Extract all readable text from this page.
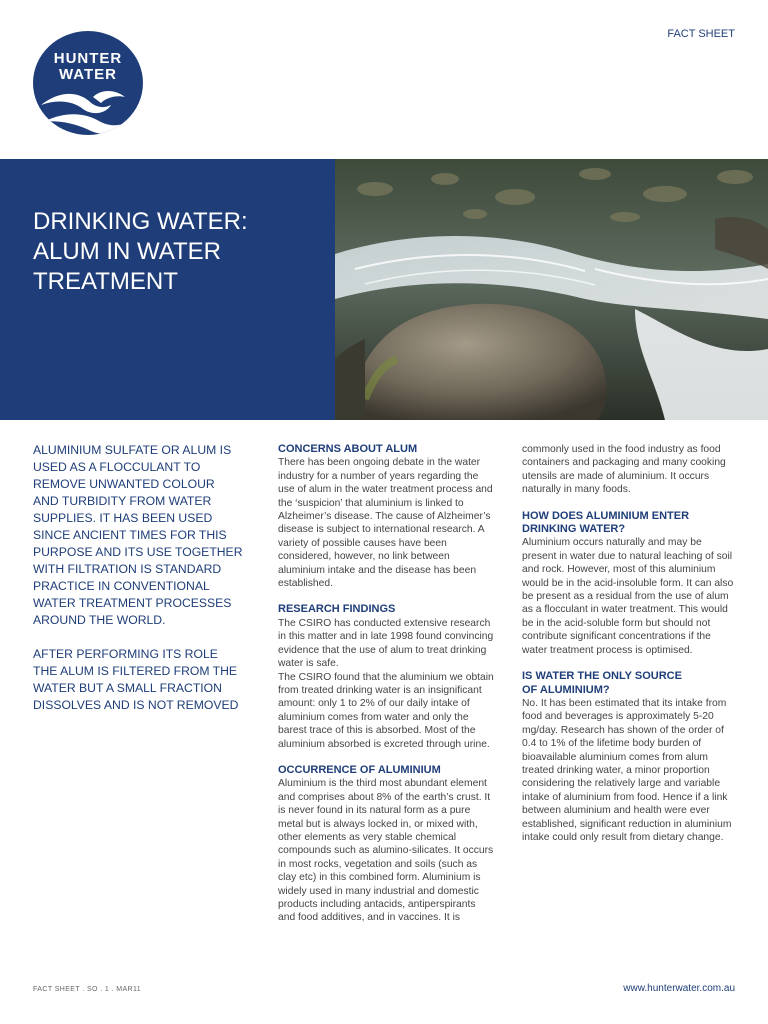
HUNTER
WATER
FACT SHEET
DRINKING WATER:
ALUM IN WATER
TREATMENT

ALUMINIUM SULFATE OR ALUM IS USED AS A FLOCCULANT TO REMOVE UNWANTED COLOUR AND TURBIDITY FROM WATER SUPPLIES. IT HAS BEEN USED SINCE ANCIENT TIMES FOR THIS PURPOSE AND ITS USE TOGETHER WITH FILTRATION IS STANDARD PRACTICE IN CONVENTIONAL WATER TREATMENT PROCESSES AROUND THE WORLD.

AFTER PERFORMING ITS ROLE THE ALUM IS FILTERED FROM THE WATER BUT A SMALL FRACTION DISSOLVES AND IS NOT REMOVED

CONCERNS ABOUT ALUM

There has been ongoing debate in the water industry for a number of years regarding the use of alum in the water treatment process and the ‘suspicion’ that aluminium is linked to Alzheimer’s disease. The cause of Alzheimer’s disease is subject to international research. A variety of possible causes have been considered, however, no link between aluminium intake and the disease has been established.

RESEARCH FINDINGS

The CSIRO has conducted extensive research in this matter and in late 1998 found convincing evidence that the use of alum to treat drinking water is safe.

The CSIRO found that the aluminium we obtain from treated drinking water is an insignificant amount: only 1 to 2% of our daily intake of aluminium comes from water and only the barest trace of this is absorbed. Most of the aluminium absorbed is excreted through urine.

OCCURRENCE OF ALUMINIUM

Aluminium is the third most abundant element and comprises about 8% of the earth’s crust. It is never found in its natural form as a pure metal but is always locked in, or mixed with, other elements as very stable chemical compounds such as alumino-silicates. It occurs in most rocks, vegetation and soils (such as clay etc) in this combined form. Aluminium is widely used in many industrial and domestic products including antacids, antiperspirants and food additives, and in vaccines. It is

commonly used in the food industry as food containers and packaging and many cooking utensils are made of aluminium. It occurs naturally in many foods.

HOW DOES ALUMINIUM ENTER
DRINKING WATER?

Aluminium occurs naturally and may be present in water due to natural leaching of soil and rock. However, most of this aluminium would be in the acid-insoluble form. It can also be present as a residual from the use of alum as a flocculant in water treatment. This would be in the acid-soluble form but should not contribute significant concentrations if the water treatment process is optimised.

IS WATER THE ONLY SOURCE
OF ALUMINIUM?

No. It has been estimated that its intake from food and beverages is approximately 5-20 mg/day. Research has shown of the order of 0.4 to 1% of the lifetime body burden of bioavailable aluminium comes from alum treated drinking water, a minor proportion considering the relatively large and variable intake of aluminium from food. Hence if a link between aluminium and health were ever established, significant reduction in aluminium intake could only result from dietary change.

FACT SHEET . SO . 1 . MAR11	www.hunterwater.com.au
